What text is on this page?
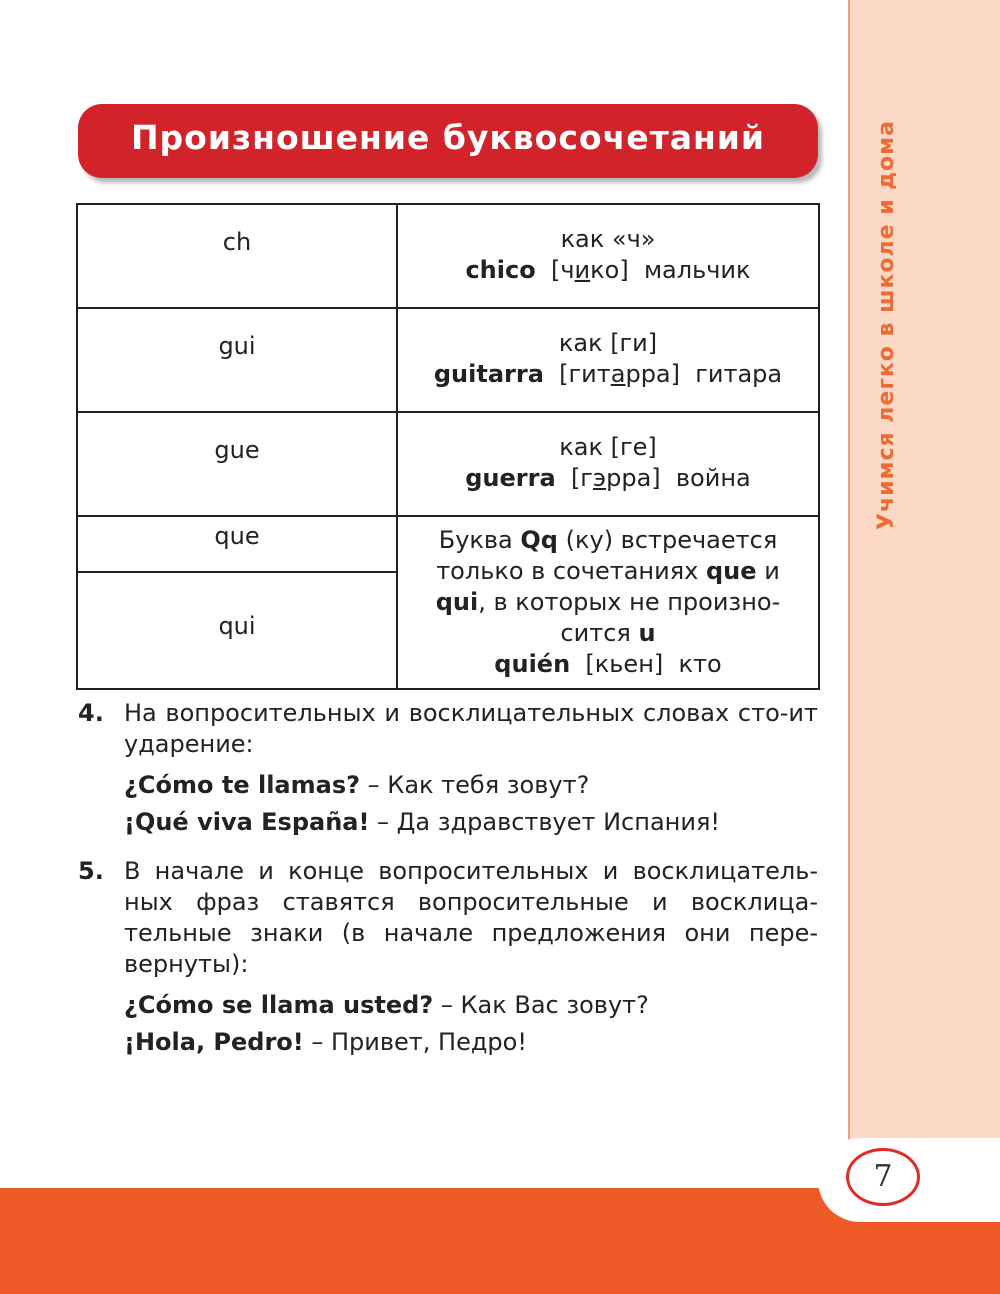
Учимся легко в школе и дома
7
Произношение буквосочетаний
ch	как «ч»
chico [чико] мальчик

gui	как [ги]
guitarra [гитарра] гитара

gue	как [ге]
guerra [гэрра] война

que	Буква Qq (ку) встречается только в сочетаниях que и qui, в которых не произно-сится u
quién [кьен] кто

qui	
4. На вопросительных и восклицательных словах сто-ит ударение:
¿Cómo te llamas? – Как тебя зовут?
¡Qué viva España! – Да здравствует Испания!
5. В начале и конце вопросительных и восклицатель-ных фраз ставятся вопросительные и восклица-тельные знаки (в начале предложения они пере-вернуты):
¿Cómo se llama usted? – Как Вас зовут?
¡Hola, Pedro! – Привет, Педро!
